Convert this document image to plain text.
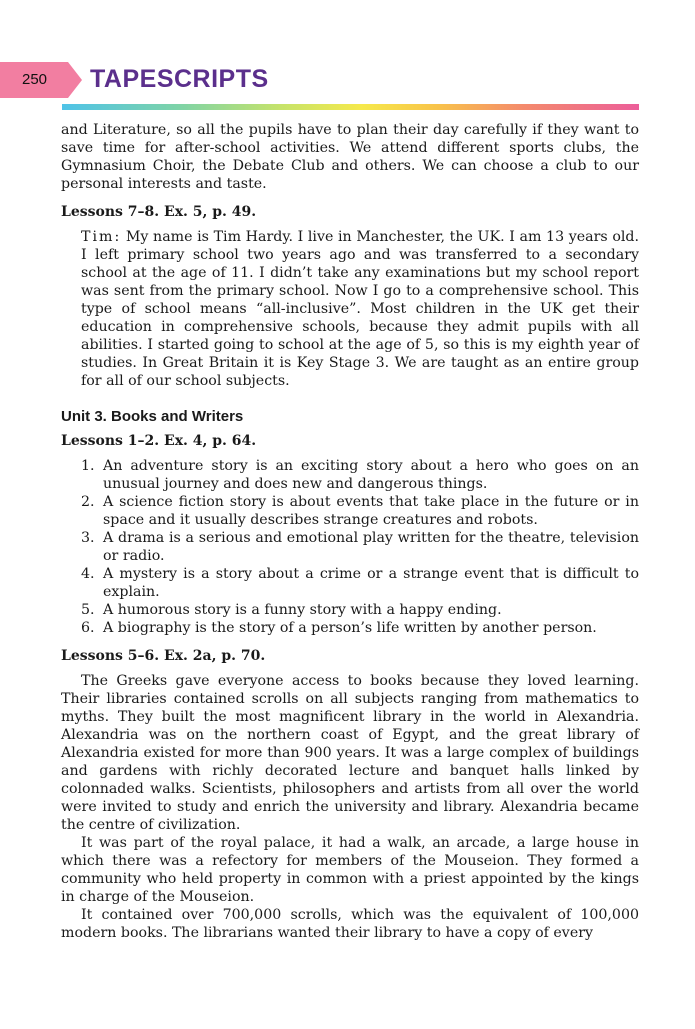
250	TAPESCRIPTS

and Literature, so all the pupils have to plan their day carefully if they want to save time for after-school activities. We attend different sports clubs, the Gymnasium Choir, the Debate Club and others. We can choose a club to our personal interests and taste.

Lessons 7–8. Ex. 5, p. 49.

Tim: My name is Tim Hardy. I live in Manchester, the UK. I am 13 years old. I left primary school two years ago and was transferred to a secondary school at the age of 11. I didn’t take any examinations but my school report was sent from the primary school. Now I go to a comprehensive school. This type of school means “all-inclusive”. Most children in the UK get their education in comprehensive schools, because they admit pupils with all abilities. I started going to school at the age of 5, so this is my eighth year of studies. In Great Britain it is Key Stage 3. We are taught as an entire group for all of our school subjects.

Unit 3. Books and Writers
Lessons 1–2. Ex. 4, p. 64.
1. An adventure story is an exciting story about a hero who goes on an unusual journey and does new and dangerous things.
2. A science fiction story is about events that take place in the future or in space and it usually describes strange creatures and robots.
3. A drama is a serious and emotional play written for the theatre, television or radio.
4. A mystery is a story about a crime or a strange event that is difficult to explain.
5. A humorous story is a funny story with a happy ending.
6. A biography is the story of a person’s life written by another person.
Lessons 5–6. Ex. 2a, p. 70.

The Greeks gave everyone access to books because they loved learning. Their libraries contained scrolls on all subjects ranging from mathematics to myths. They built the most magnificent library in the world in Alexandria. Alexandria was on the northern coast of Egypt, and the great library of Alexandria existed for more than 900 years. It was a large complex of buildings and gardens with richly decorated lecture and banquet halls linked by colonnaded walks. Scientists, philosophers and artists from all over the world were invited to study and enrich the university and library. Alexandria became the centre of civilization.

It was part of the royal palace, it had a walk, an arcade, a large house in which there was a refectory for members of the Mouseion. They formed a community who held property in common with a priest appointed by the kings in charge of the Mouseion.

It contained over 700,000 scrolls, which was the equivalent of 100,000 modern books. The librarians wanted their library to have a copy of every
